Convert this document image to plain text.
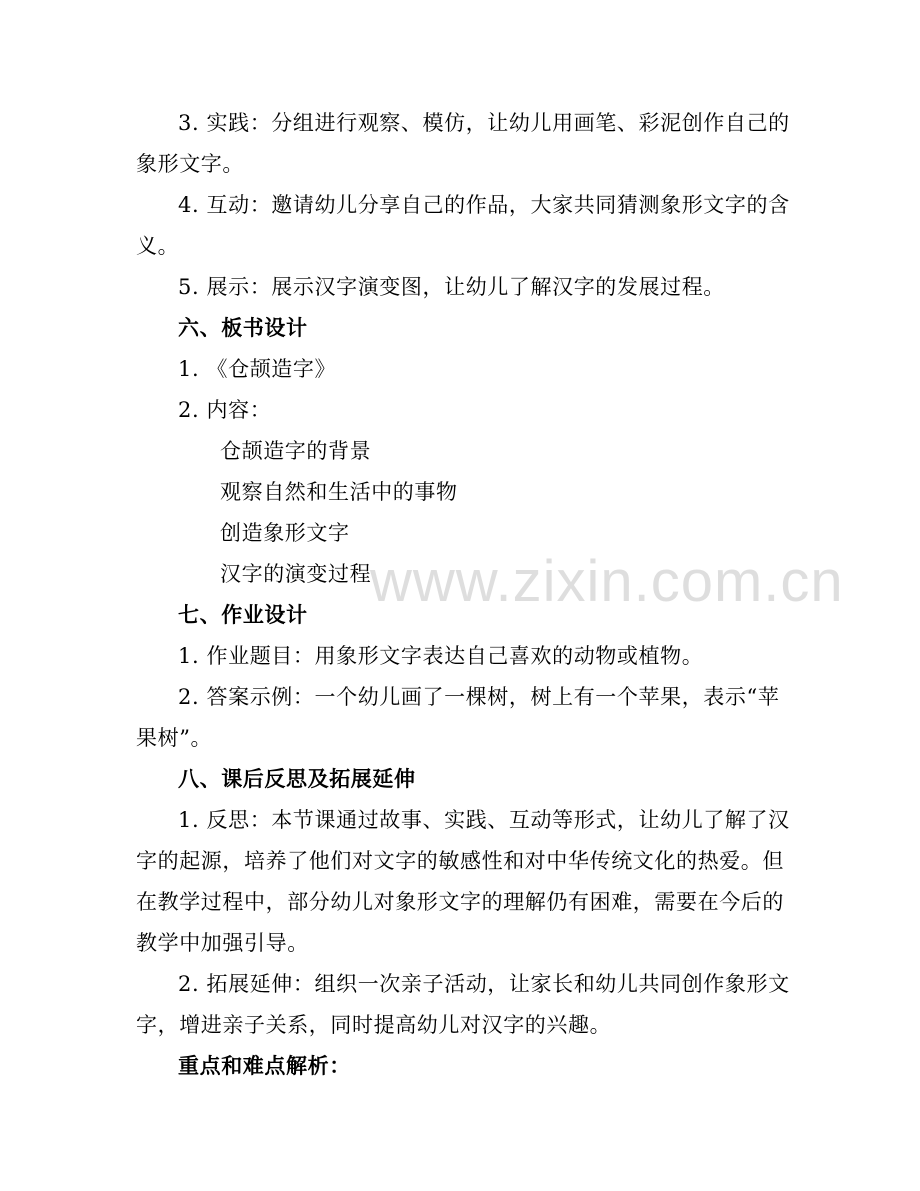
3. 实践：分组进行观察、模仿，让幼儿用画笔、彩泥创作自己的
象形文字。
4. 互动：邀请幼儿分享自己的作品，大家共同猜测象形文字的含
义。
5. 展示：展示汉字演变图，让幼儿了解汉字的发展过程。
六、板书设计
1. 《仓颉造字》
2. 内容：
仓颉造字的背景
观察自然和生活中的事物
创造象形文字
汉字的演变过程
七、作业设计
1. 作业题目：用象形文字表达自己喜欢的动物或植物。
2. 答案示例：一个幼儿画了一棵树，树上有一个苹果，表示“苹
果树”。
八、课后反思及拓展延伸
1. 反思：本节课通过故事、实践、互动等形式，让幼儿了解了汉
字的起源，培养了他们对文字的敏感性和对中华传统文化的热爱。但
在教学过程中，部分幼儿对象形文字的理解仍有困难，需要在今后的
教学中加强引导。
2. 拓展延伸：组织一次亲子活动，让家长和幼儿共同创作象形文
字，增进亲子关系，同时提高幼儿对汉字的兴趣。
重点和难点解析：
www.zixin.com.cn
